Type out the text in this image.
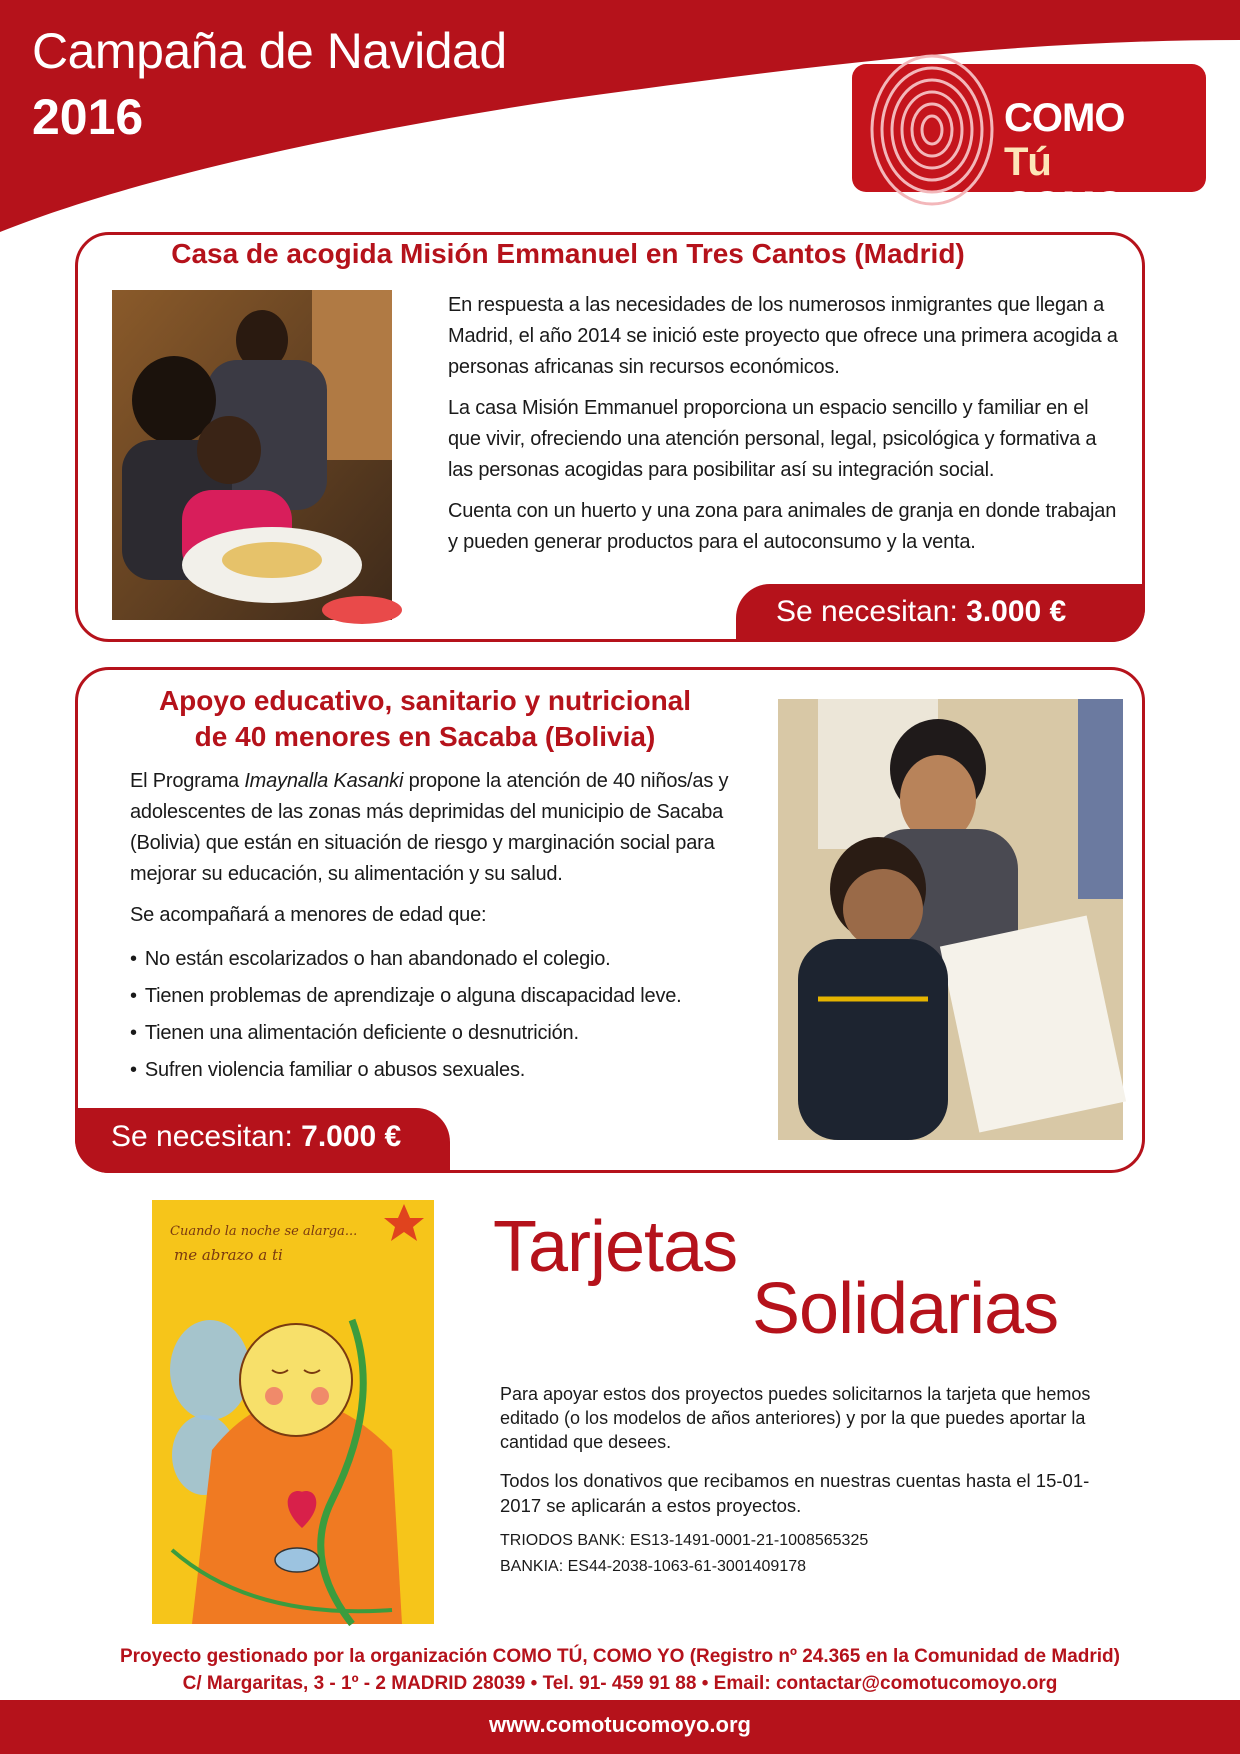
Campaña de Navidad
2016	COMO
Tú
COMO
Casa de acogida Misión Emmanuel en Tres Cantos (Madrid)

En respuesta a las necesidades de los numerosos inmigrantes que llegan a Madrid, el año 2014 se inició este proyecto que ofrece una primera acogida a personas africanas sin recursos económicos.

La casa Misión Emmanuel proporciona un espacio sencillo y familiar en el que vivir, ofreciendo una atención personal, legal, psicológica y formativa a las personas acogidas para posibilitar así su integración social.

Cuenta con un huerto y una zona para animales de granja en donde trabajan y pueden generar productos para el autoconsumo y la venta.

Se necesitan: 3.000 €
Apoyo educativo, sanitario y nutricional
de 40 menores en Sacaba (Bolivia)

El Programa Imaynalla Kasanki propone la atención de 40 niños/as y adolescentes de las zonas más deprimidas del municipio de Sacaba (Bolivia) que están en situación de riesgo y marginación social para mejorar su educación, su alimentación y su salud.

Se acompañará a menores de edad que:

• No están escolarizados o han abandonado el colegio.
• Tienen problemas de aprendizaje o alguna discapacidad leve.
• Tienen una alimentación deficiente o desnutrición.
• Sufren violencia familiar o abusos sexuales.
Se necesitan: 7.000 €
Cuando la noche se alarga...
me abrazo a ti	Tarjetas
Solidarias

Para apoyar estos dos proyectos puedes solicitarnos la tarjeta que hemos editado (o los modelos de años anteriores) y por la que puedes aportar la cantidad que desees.

Todos los donativos que recibamos en nuestras cuentas hasta el 15-01-2017 se aplicarán a estos proyectos.

TRIODOS BANK: ES13-1491-0001-21-1008565325
BANKIA: ES44-2038-1063-61-3001409178
Proyecto gestionado por la organización COMO TÚ, COMO YO (Registro nº 24.365 en la Comunidad de Madrid)
C/ Margaritas, 3 - 1º - 2 MADRID 28039 • Tel. 91- 459 91 88 • Email: contactar@comotucomoyo.org
www.comotucomoyo.org
